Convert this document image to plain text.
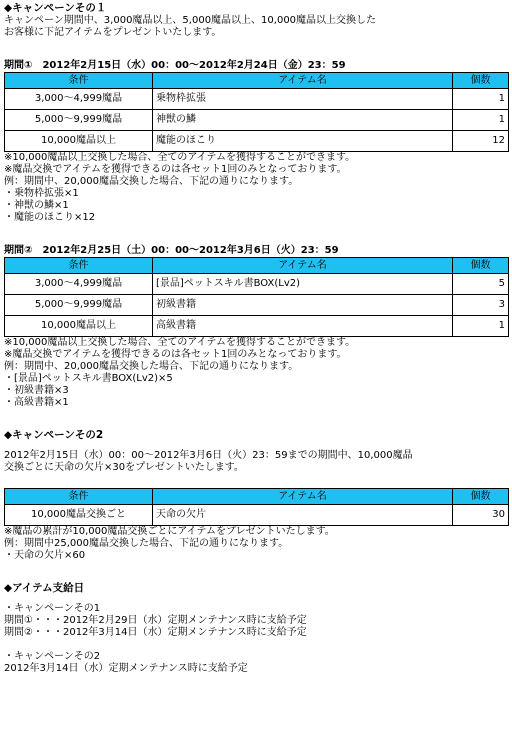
◆キャンペーンその１

キャンペーン期間中、3,000魔晶以上、5,000魔晶以上、10,000魔晶以上交換した

お客様に下記アイテムをプレゼントいたします。

期間①　2012年2月15日（水）00：00～2012年2月24日（金）23：59

条件	アイテム名	個数
3,000～4,999魔晶	乗物枠拡張	1
5,000～9,999魔晶	神獣の鱗	1
10,000魔晶以上	魔能のほこり	12

※10,000魔晶以上交換した場合、全てのアイテムを獲得することができます。

※魔晶交換でアイテムを獲得できるのは各セット1回のみとなっております。

例：期間中、20,000魔晶交換した場合、下記の通りになります。

・乗物枠拡張×1

・神獣の鱗×1

・魔能のほこり×12

期間②　2012年2月25日（土）00：00～2012年3月6日（火）23：59

条件	アイテム名	個数
3,000～4,999魔晶	[景品]ペットスキル書BOX(Lv2)	5
5,000～9,999魔晶	初級書籍	3
10,000魔晶以上	高級書籍	1

※10,000魔晶以上交換した場合、全てのアイテムを獲得することができます。

※魔晶交換でアイテムを獲得できるのは各セット1回のみとなっております。

例：期間中、20,000魔晶交換した場合、下記の通りになります。

・[景品]ペットスキル書BOX(Lv2)×5

・初級書籍×3

・高級書籍×1

◆キャンペーンその2

2012年2月15日（水）00：00～2012年3月6日（火）23：59までの期間中、10,000魔晶

交換ごとに天命の欠片×30をプレゼントいたします。

条件	アイテム名	個数
10,000魔晶交換ごと	天命の欠片	30

※魔晶の累計が10,000魔晶交換ごとにアイテムをプレゼントいたします。

例：期間中25,000魔晶交換した場合、下記の通りになります。

・天命の欠片×60

◆アイテム支給日

・キャンペーンその1

期間①・・・2012年2月29日（水）定期メンテナンス時に支給予定

期間②・・・2012年3月14日（水）定期メンテナンス時に支給予定

・キャンペーンその2

2012年3月14日（水）定期メンテナンス時に支給予定
